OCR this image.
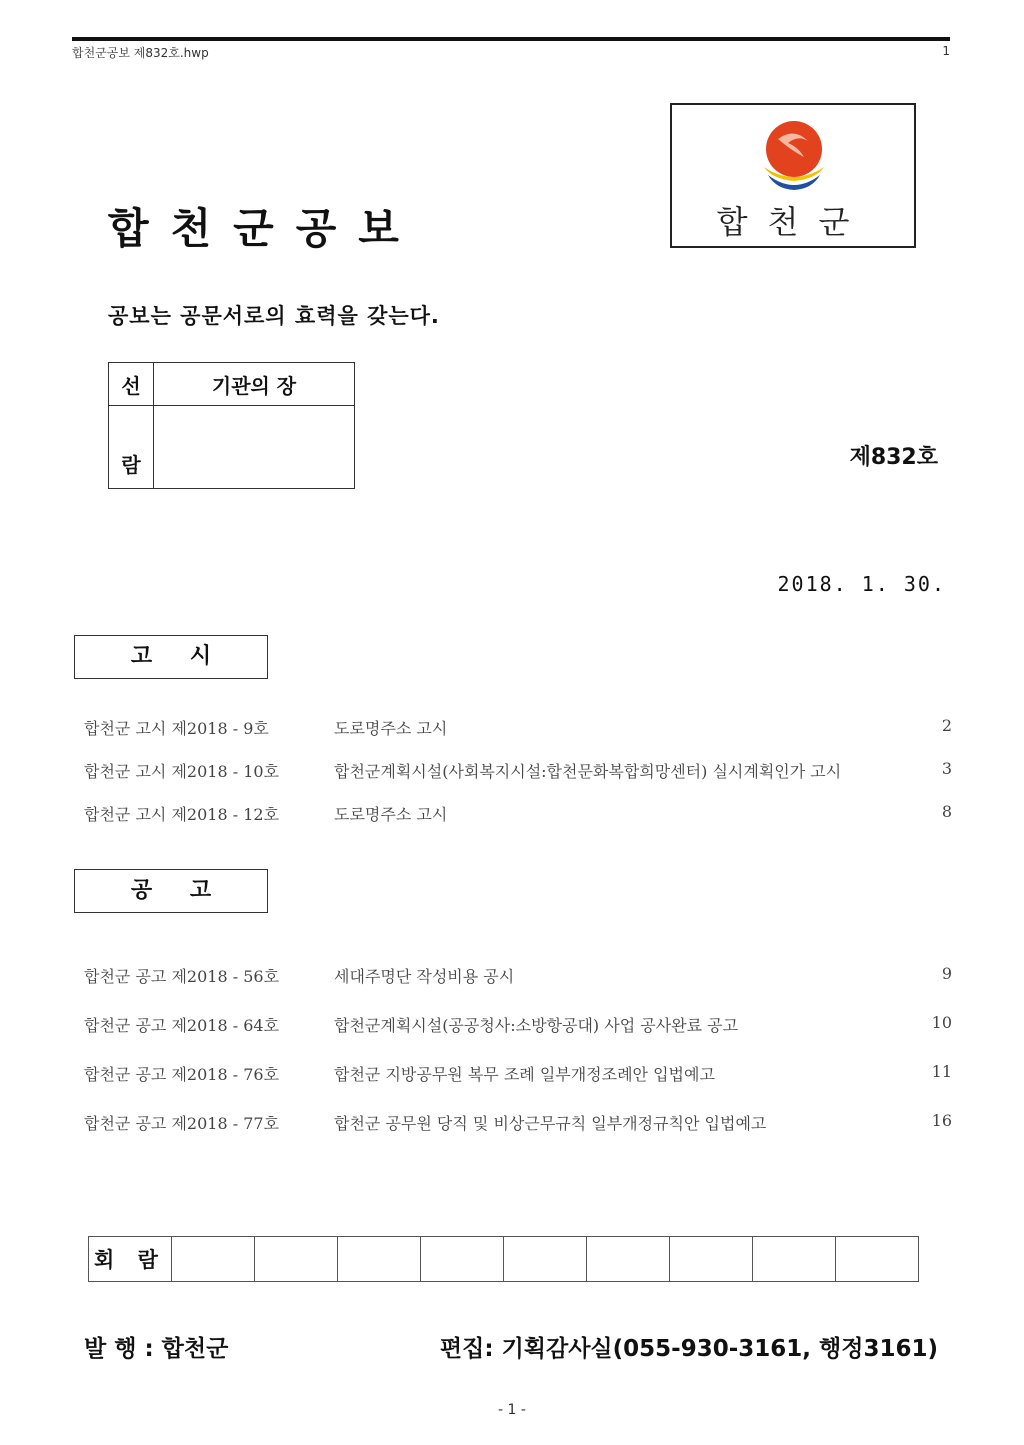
합천군공보 제832호.hwp	1
합천군공보	합천군
공보는 공문서로의 효력을 갖는다.
선	기관의 장
람		제832호
2018. 1. 30.
고 시
합천군 고시 제2018 - 9호	도로명주소 고시	2
합천군 고시 제2018 - 10호	합천군계획시설(사회복지시설:합천문화복합희망센터) 실시계획인가 고시	3
합천군 고시 제2018 - 12호	도로명주소 고시	8
공 고
합천군 공고 제2018 - 56호	세대주명단 작성비용 공시	9
합천군 공고 제2018 - 64호	합천군계획시설(공공청사:소방항공대) 사업 공사완료 공고	10
합천군 공고 제2018 - 76호	합천군 지방공무원 복무 조례 일부개정조례안 입법예고	11
합천군 공고 제2018 - 77호	합천군 공무원 당직 및 비상근무규칙 일부개정규칙안 입법예고	16
회 람									
발 행 : 합천군	편집: 기획감사실(055-930-3161, 행정3161)
- 1 -
